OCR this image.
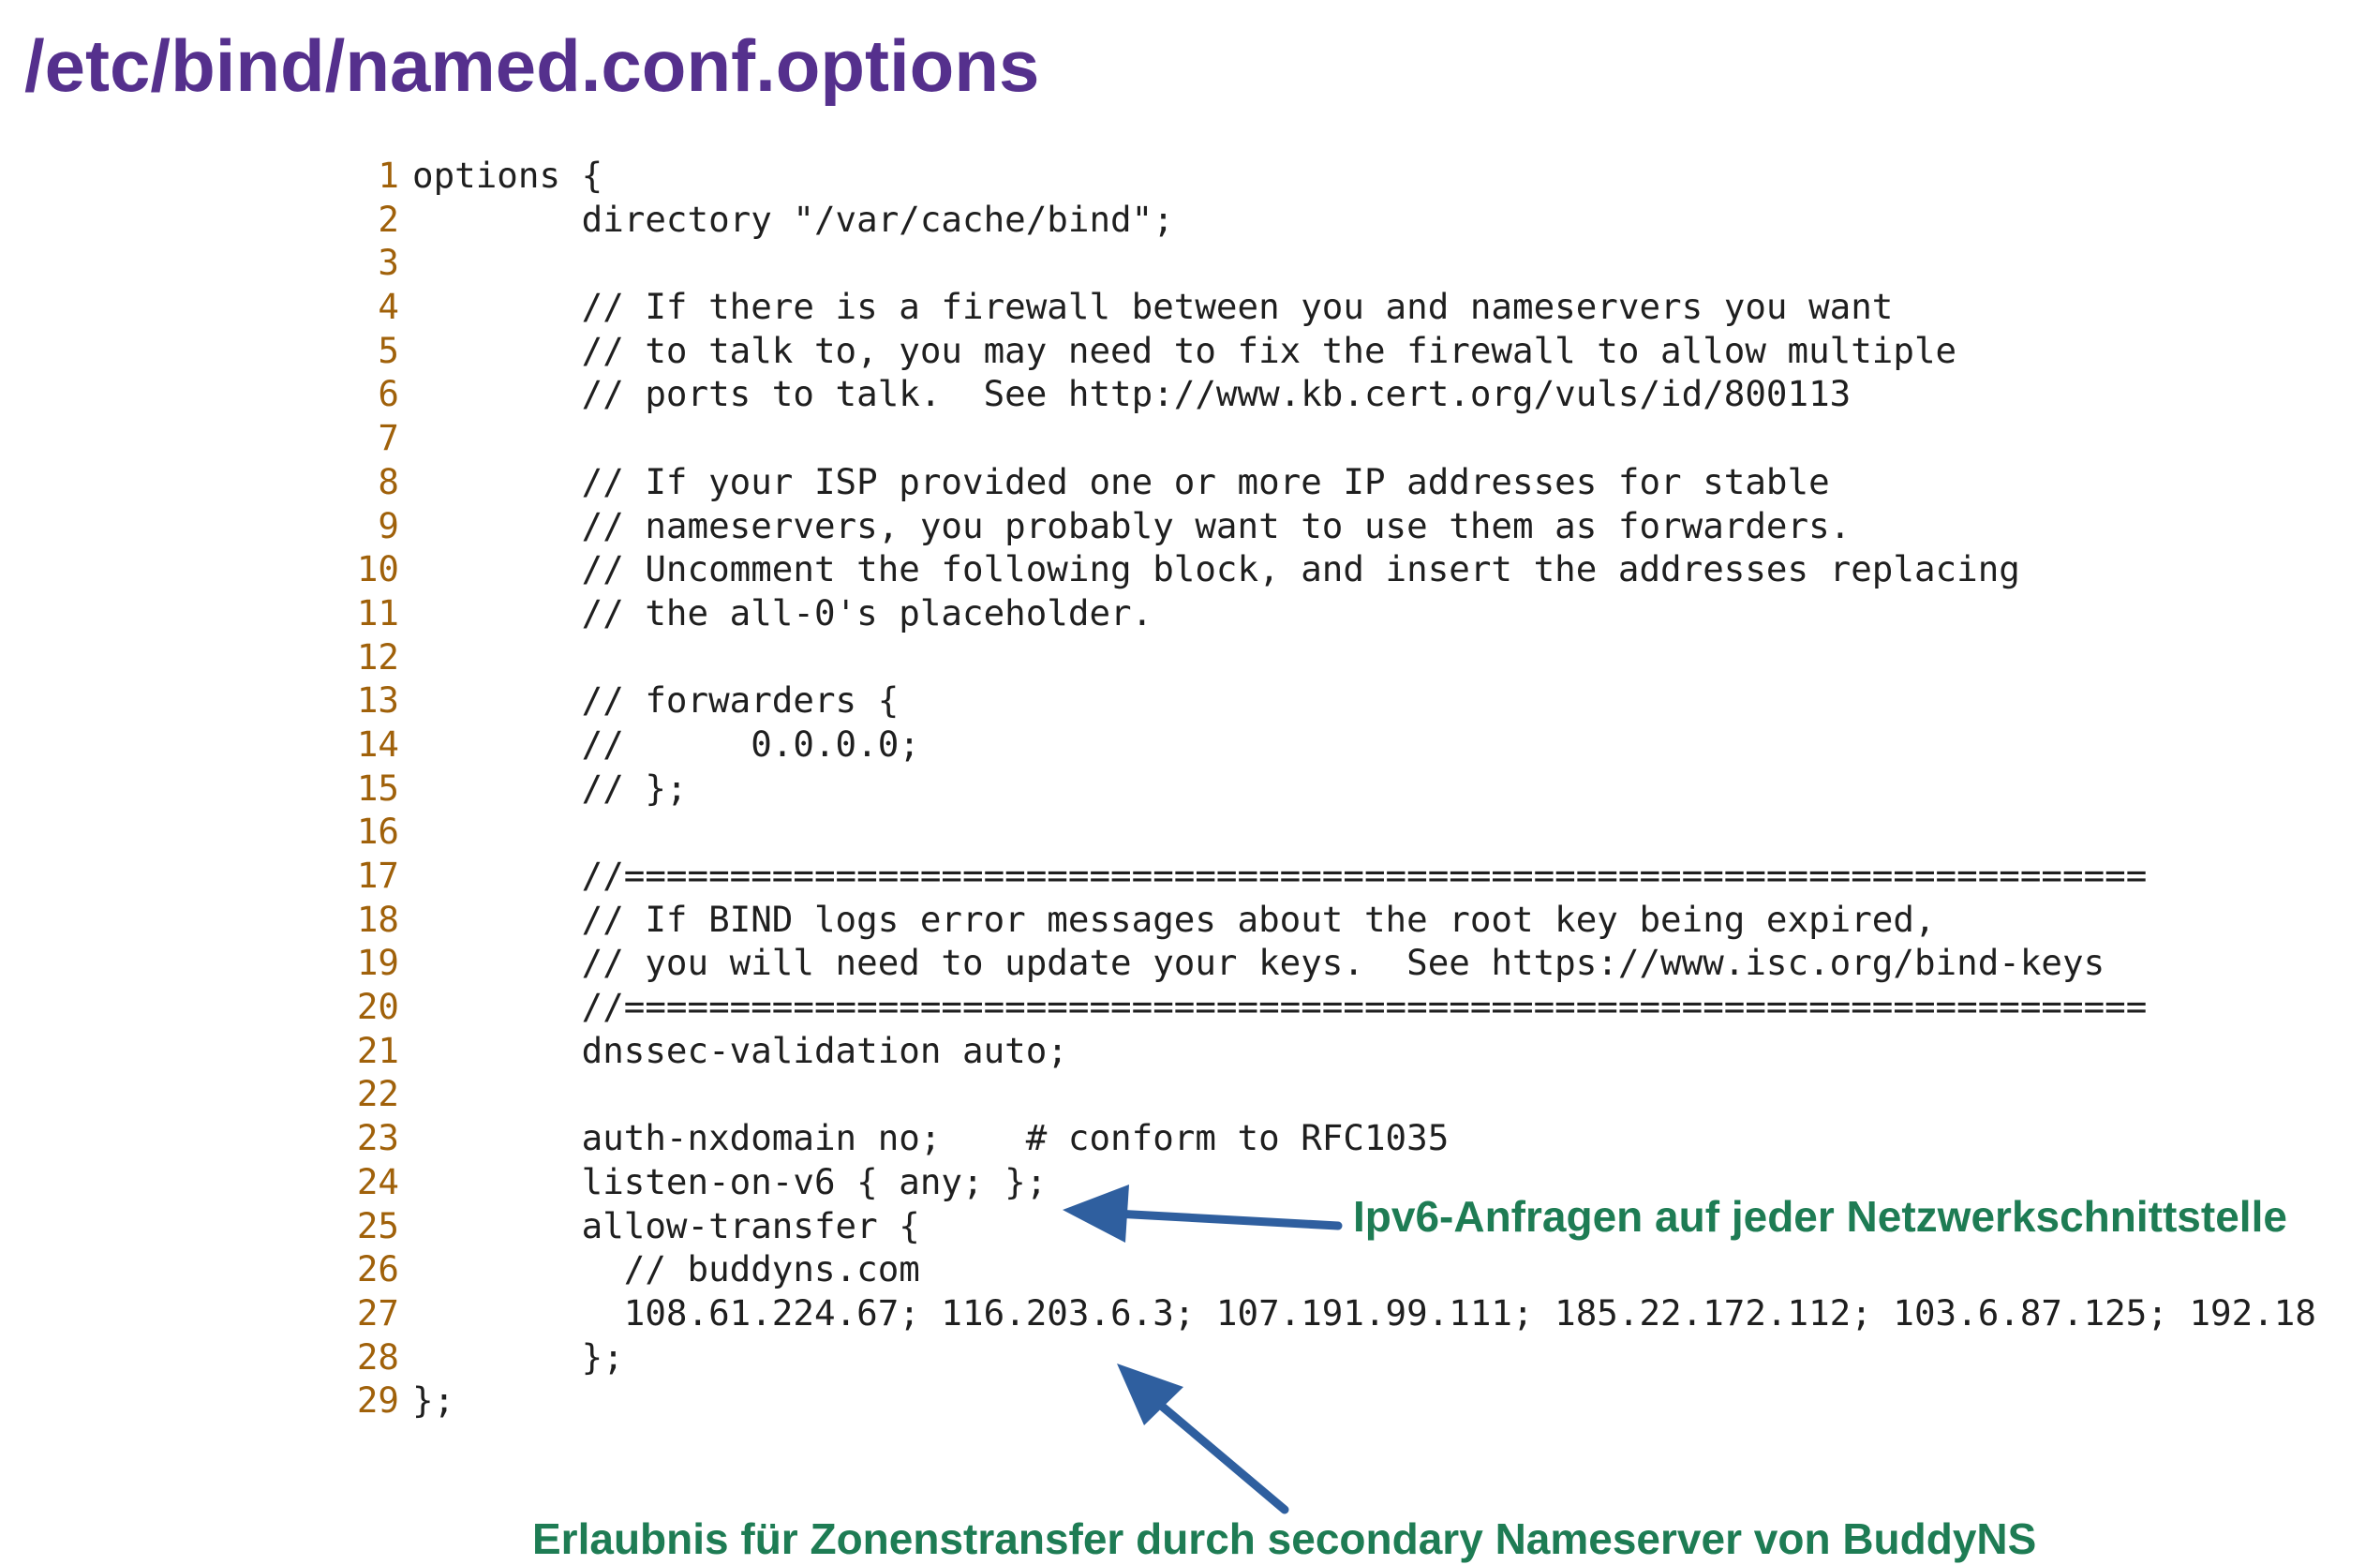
/etc/bind/named.conf.options
1 options {
2 directory "/var/cache/bind";
3
4 // If there is a firewall between you and nameservers you want
5 // to talk to, you may need to fix the firewall to allow multiple
6 // ports to talk.  See http://www.kb.cert.org/vuls/id/800113
7
8 // If your ISP provided one or more IP addresses for stable
9 // nameservers, you probably want to use them as forwarders.
10 // Uncomment the following block, and insert the addresses replacing
11 // the all-0's placeholder.
12
13 // forwarders {
14 //      0.0.0.0;
15 // };
16
17 //========================================================================
18 // If BIND logs error messages about the root key being expired,
19 // you will need to update your keys.  See https://www.isc.org/bind-keys
20 //========================================================================
21 dnssec-validation auto;
22
23 auth-nxdomain no;    # conform to RFC1035
24 listen-on-v6 { any; };
25 allow-transfer {
26 // buddyns.com
27 108.61.224.67; 116.203.6.3; 107.191.99.111; 185.22.172.112; 103.6.87.125; 192.18
28 };
29 };

Ipv6-Anfragen auf jeder Netzwerkschnittstelle

Erlaubnis für Zonenstransfer durch secondary Nameserver von BuddyNS
